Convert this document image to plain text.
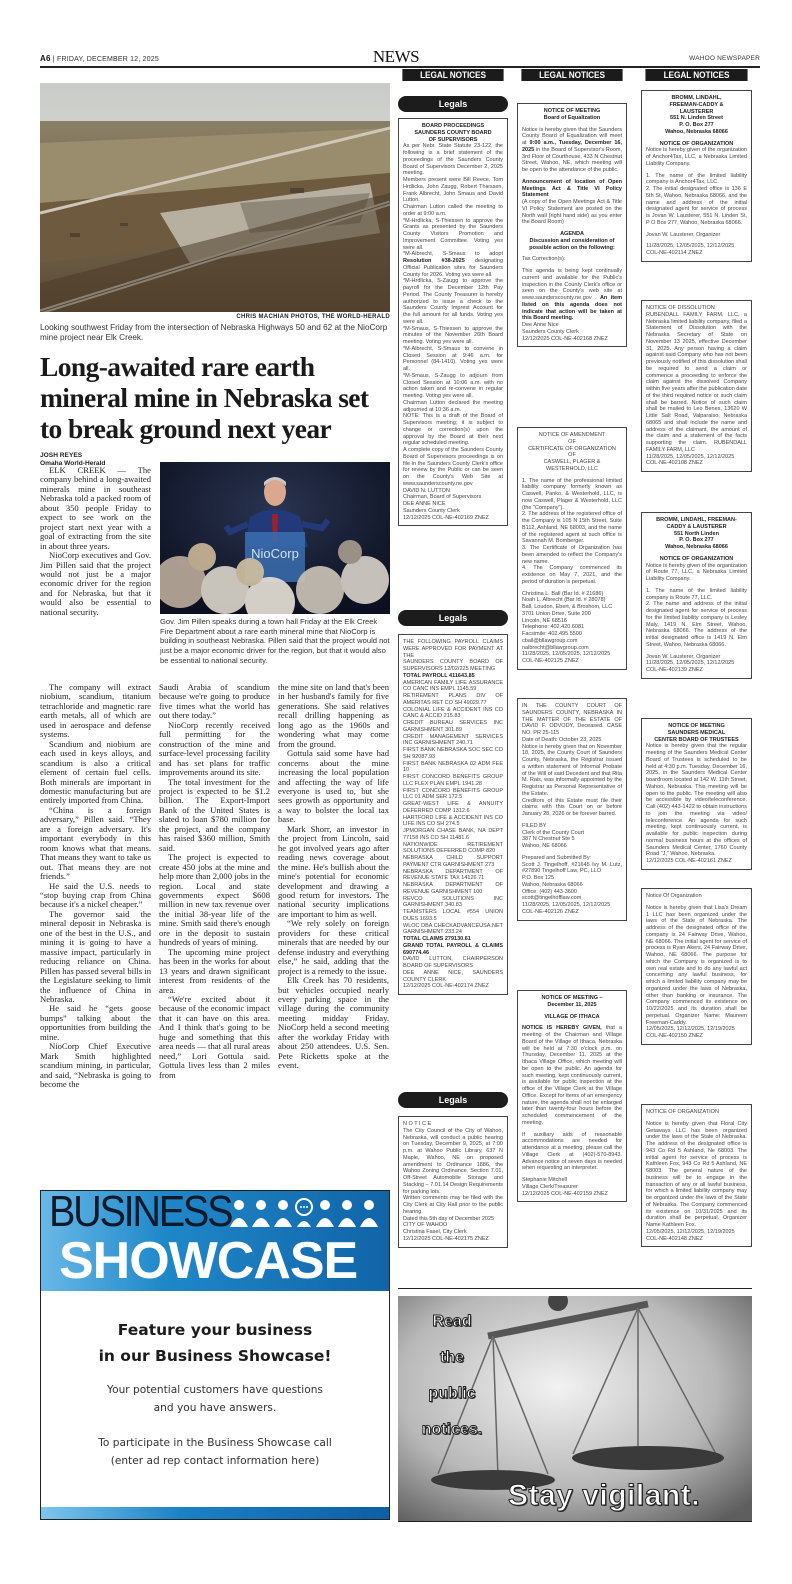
A6 | FRIDAY, DECEMBER 12, 2025	NEWS	WAHOO NEWSPAPER
LEGAL NOTICES	LEGAL NOTICES	LEGAL NOTICES
CHRIS MACHIAN PHOTOS, THE WORLD-HERALD
Looking southwest Friday from the intersection of Nebraska Highways 50 and 62 at the NioCorp mine project near Elk Creek.
Long-awaited rare earth mineral mine in Nebraska set to break ground next year
JOSH REYES
Omaha World-Herald
NioCorp
Gov. Jim Pillen speaks during a town hall Friday at the Elk Creek Fire Department about a rare earth mineral mine that NioCorp is building in southeast Nebraska. Pillen said that the project would not just be a major economic driver for the region, but that it would also be essential to national security.

ELK CREEK — The company behind a long-awaited minerals mine in southeast Nebraska told a packed room of about 350 people Friday to expect to see work on the project start next year with a goal of extracting from the site in about three years.

NioCorp executives and Gov. Jim Pillen said that the project would not just be a major economic driver for the region and for Nebraska, but that it would also be essential to national security.

The company will extract niobium, scandium, titanium tetrachloride and magnetic rare earth metals, all of which are used in aerospace and defense systems.

Scandium and niobium are each used in keys alloys, and scandium is also a critical element of certain fuel cells. Both minerals are important in domestic manufacturing but are entirely imported from China.

“China is a foreign adversary,” Pillen said. “They are a foreign adversary. It's important everybody in this room knows what that means. That means they want to take us out. That means they are not friends.”

He said the U.S. needs to “stop buying crap from China because it's a nickel cheaper.”

The governor said the mineral deposit in Nebraska is one of the best in the U.S., and mining it is going to have a massive impact, particularly in reducing reliance on China. Pillen has passed several bills in the Legislature seeking to limit the influence of China in Nebraska.

He said he “gets goose bumps” talking about the opportunities from building the mine.

NioCorp Chief Executive Mark Smith highlighted scandium mining, in particular, and said, “Nebraska is going to become the

Saudi Arabia of scandium because we're going to produce five times what the world has out there today.”

NioCorp recently received full permitting for the construction of the mine and surface-level processing facility and has set plans for traffic improvements around its site.

The total investment for the project is expected to be $1.2 billion. The Export-Import Bank of the United States is slated to loan $780 million for the project, and the company has raised $360 million, Smith said.

The project is expected to create 450 jobs at the mine and help more than 2,000 jobs in the region. Local and state governments expect $608 million in new tax revenue over the initial 38-year life of the mine. Smith said there's enough ore in the deposit to sustain hundreds of years of mining.

The upcoming mine project has been in the works for about 13 years and drawn significant interest from residents of the area.

“We're excited about it because of the economic impact that it can have on this area. And I think that's going to be huge and something that this area needs — that all rural areas need,” Lori Gottula said. Gottula lives less than 2 miles from

the mine site on land that's been in her husband's family for five generations. She said relatives recall drilling happening as long ago as the 1960s and wondering what may come from the ground.

Gottula said some have had concerns about the mine increasing the local population and affecting the way of life everyone is used to, but she sees growth as opportunity and a way to bolster the local tax base.

Mark Shorr, an investor in the project from Lincoln, said he got involved years ago after reading news coverage about the mine. He's bullish about the mine's potential for economic development and drawing a good return for investors. The national security implications are important to him as well.

“We rely solely on foreign providers for these critical minerals that are needed by our defense industry and everything else,” he said, adding that the project is a remedy to the issue.

Elk Creek has 70 residents, but vehicles occupied nearly every parking space in the village during the community meeting midday Friday. NioCorp held a second meeting after the workday Friday with about 250 attendees. U.S. Sen. Pete Ricketts spoke at the event.

BUSINESS
SHOWCASE
Feature your business
in our Business Showcase!
Your potential customers have questions
and you have answers.
To participate in the Business Showcase call
(enter ad rep contact information here)
Legals

BOARD PROCEEDINGS

SAUNDERS COUNTY BOARD

OF SUPERVISORS

As per Nebr. State Statute 23-122, the following is a brief statement of the proceedings of the Saunders County Board of Supervisors December 2, 2025 meeting.

Members present were Bill Reece, Tom Hrdlicka, John Zaugg, Robert Thiessen, Frank Albrecht, John Smaus and David Lutton.

Chairman Lutton called the meeting to order at 9:00 a.m.

*M-Hrdlicka, S-Thiessen to approve the Grants as presented by the Saunders County Visitors Promotion and Improvement Committee. Voting yes were all.

*M-Albrecht, S-Smaus to adopt Resolution #38-2025 designating Official Publication sites for Saunders County for 2026. Voting yes were all.

*M-Hrdlicka, S-Zaugg to approve the payroll for the December 12th Pay Period. The County Treasurer is hereby authorized to issue a check to the Saunders County Imprest Account for the full amount for all funds. Voting yes were all.

*M-Smaus, S-Thiessen to approve the minutes of the November 26th Board meeting. Voting yes were all.

*M-Albrecht, S-Smaus to convene in Closed Session at 9:46 a.m. for Personnel (84-1410). Voting yes were all.

*M-Smaus, S-Zaugg to adjourn from Closed Session at 10:06 a.m. with no action taken and re-convene in regular meeting. Voting yes were all.

Chairman Lutton declared the meeting adjourned at 10:36 a.m.

NOTE: This is a draft of the Board of Supervisors meeting; it is subject to change or correction(s) upon the approval by the Board at their next regular scheduled meeting.

A complete copy of the Saunders County Board of Supervisors proceedings is on file in the Saunders County Clerk's office for review by the Public or can be seen on the County's Web Site at www.saunderscounty.ne.gov

DAVID N. LUTTON

Chairman, Board of Supervisors

DEE ANNE NICE

Saunders County Clerk

12/12/2025 COL-NE-402169 ZNEZ

Legals

THE FOLLOWING PAYROLL CLAIMS WERE APPROVED FOR PAYMENT AT THE

SAUNDERS COUNTY BOARD OF SUPERVISORS 12/02/225 MEETING

TOTAL PAYROLL 411643.85

AMERICAN FAMILY LIFE ASSURANCE CO CANC INS EMPL 1145.59

RETIREMENT PLANS DIV OF AMERITAS RET CO SH 49029.77

COLONIAL LIFE & ACCIDENT INS CO CANC & ACCID 215.83

CREDIT BUREAU SERVICES INC GARNISHMENT 301.89

CREDIT MANAGEMENT SERVICES INC GARNISHMENT 240.71

FIRST BANK NEBRASKA SOC SEC CO SH 92087.93

FIRST BANK NEBRASKA 02 ADM FEE 10

FIRST CONCORD BENEFITS GROUP LLC FLEX PLAN EMPL 1941.28

FIRST CONCORD BENEFITS GROUP LLC 01 ADM SER 172.5

GREAT-WEST LIFE & ANNUITY DEFERRED COMP 1312.6

HARTFORD LIFE & ACCIDENT INS CO LIFE INS CO SH 274.5

JPMORGAN CHASE BANK, NA DEPT 77158 INS CO SH 11481.6

NATIONWIDE RETIREMENT SOLUTIONS DEFERRED COMP 820

NEBRASKA CHILD SUPPORT PAYMENT CTR GARNISHMENT 273

NEBRASKA DEPARTMENT OF REVENUE STATE TAX 14126.71

NEBRASKA DEPARTMENT OF REVENUE GARNISHMENT 100

REVCO SOLUTIONS INC GARNISHMENT 340.83

TEAMSTERS LOCAL #554 UNION DUES 1693.5

WLOC DBA CHECKADVANCEUSA.NET GARNISHMENT 233.24

TOTAL CLAIMS 279130.61

GRAND TOTAL PAYROLL & CLAIMS 690774.46

DAVID LUTTON, CHAIRPERSON BOARD OF SUPERVISORS

DEE ANNE NICE, SAUNDERS COUNTY CLERK

12/12/2025 COL-NE-402174 ZNEZ

Legals

N O T I C E

The City Council of the City of Wahoo, Nebraska, will conduct a public hearing on Tuesday, December 9, 2025, at 7:00 p.m. at Wahoo Public Library, 637 N Maple, Wahoo, NE on proposed amendment to Ordinance 1886, the Wahoo Zoning Ordinance, Section 7.01, Off-Street Automobile Storage and Stacking – 7.01.14 Design Requirements for parking lots.

Written comments may be filed with the City Clerk at City Hall prior to the public hearing.

Dated this 5th day of December 2025

CITY OF WAHOO

Christina Fasel, City Clerk

12/12/2025 COL-NE-402175 ZNEZ

NOTICE OF MEETING

Board of Equalization

Notice is hereby given that the Saunders County Board of Equalization will meet at 9:00 a.m., Tuesday, December 16, 2025 in the Board of Supervisor's Room, 3rd Floor of Courthouse, 433 N Chestnut Street, Wahoo, NE, which meeting will be open to the attendance of the public.

Announcement of location of Open Meetings Act & Title VI Policy Statement

(A copy of the Open Meetings Act & Title VI Policy Statement are posted on the North wall (right hand side) as you enter the Board Room)

AGENDA

Discussion and consideration of possible action on the following:

Tax Correction(s):

This agenda is being kept continually current and available for the Public's inspection in the County Clerk's office or seen on the County's web site at www.saunderscounty.ne.gov . An item listed on this agenda does not indicate that action will be taken at this Board meeting.

Dee Anne Nice

Saunders County Clerk

12/12/2025 COL-NE-402168 ZNEZ

NOTICE OF AMENDMENT

OF

CERTIFICATE OF ORGANIZATION

OF

CASWELL, PLAGER &

WESTERHOLD, LLC

1. The name of the professional limited liability company formerly known as Caswell, Panko, & Westerhold, LLC, is now Caswell, Plager & Westerhold, LLC (the "Company").

2. The address of the registered office of the Company is 105 N 15th Street, Suite B112, Ashland, NE 68003, and the name of the registered agent at such office is Savannah M. Bomberger.

3. The Certificate of Organization has been amended to reflect the Company's new name.

4. The Company commenced its existence on May 7, 2021, and the period of duration is perpetual.

Christina L. Ball (Bar Id. # 21686)

Noah L. Albrecht (Bar Id. # 28078)

Ball, Loudon, Ebert, & Broshom, LLC

3701 Union Drive, Suite 200

Lincoln, NE 68516

Telephone: 402.420.6081

Facsimile: 402.495.5500

cball@bllawgroup.com

nalbrecht@bllawgroup.com

11/28/2025, 12/05/2025, 12/12/2025

COL-NE-402125 ZNEZ

IN THE COUNTY COURT OF SAUNDERS COUNTY, NEBRASKA IN THE MATTER OF THE ESTATE OF DAVID F. ODVODY, Deceased. CASE NO. PR 25-115

Date of Death: October 23, 2025

Notice is hereby given that on November 18, 2025, the County Court of Saunders County, Nebraska, the Registrar issued a written statement of Informal Probate of the Will of said Decedent and that Rita M. Rais, was informally appointed by the Registrar as Personal Representative of the Estate.

Creditors of this Estate must file their claims with this Court on or before January 28, 2026 or be forever barred.

FILED BY

Clerk of the County Court

387 N Chestnut Ste 5

Wahoo, NE 68066

Prepared and Submitted By:

Scott J. Tingelhoff, #21645 Ivy M. Lutz, #27890 Tingelhoff Law, PC, LLO

P.O. Box 125

Wahoo, Nebraska 68066

Office: (402) 443-3600

scott@tingelhofflaw.com

11/28/2025, 12/05/2025, 12/12/2025

COL-NE-402126 ZNEZ

NOTICE OF MEETING –

December 11, 2025

VILLAGE OF ITHACA

NOTICE IS HEREBY GIVEN, that a meeting of the Chairman and Village Board of the Village of Ithaca, Nebraska will be held at 7:30 o'clock p.m. on Thursday, December 11, 2025 at the Ithaca Village Office, which meeting will be open to the public. An agenda for such meeting, kept continuously current, is available for public inspection at the office of the Village Clerk at the Village Office. Except for items of an emergency nature, the agenda shall not be enlarged later than twenty-four hours before the scheduled commencement of the meeting.

If auxiliary aids of reasonable accommodations are needed for attendance at a meeting, please call the Village Clerk at (402)-570-8943. Advance notice of seven days is needed when requesting an interpreter.

Stephanie Mitchell

Village Clerk/Treasurer

12/12/2025 COL-NE-402159 ZNEZ

BROMM, LINDAHL,

FREEMAN-CADDY &

LAUSTERER

551 N. Linden Street

P. O. Box 277

Wahoo, Nebraska 68066

NOTICE OF ORGANIZATION

Notice is hereby given of the organization of Anchor4Tax, LLC, a Nebraska Limited Liability Company.

1. The name of the limited liability company is Anchor4Tax, LLC.

2. The initial designated office is 136 E 5th St, Wahoo, Nebraska 68066, and the name and address of the initial designated agent for service of process is Jovan W. Lausterer, 551 N. Linden St, P O Box 277, Wahoo, Nebraska 68066.

Jovan W. Lausterer, Organizer

11/28/2025, 12/05/2025, 12/12/2025

COL-NE-402114 ZNEZ

NOTICE OF DISSOLUTION

RUBENDALL FAMILY FARM, LLC, a Nebraska limited liability company, filed a Statement of Dissolution with the Nebraska Secretary of State on November 13 2025, effective December 31, 2025. Any person having a claim against said Company who has not been previously notified of this dissolution shall be required to send a claim or commence a proceeding to enforce the claim against the dissolved Company within five years after the publication date of the third required notice or such claim shall be barred. Notice of such claim shall be mailed to Leo Benes, 13620 W Little Salt Road, Valparaiso, Nebraska 68065 and shall include the name and address of the claimant, the amount of the claim and a statement of the facts supporting the claim. RUBENDALL FAMILY FARM, LLC

11/28/2025, 12/05/2025, 12/12/2025

COL-NE-402108 ZNEZ

BROMM, LINDAHL, FREEMAN-

CADDY & LAUSTERER

551 North Linden

P. O. Box 277

Wahoo, Nebraska 68066

NOTICE OF ORGANIZATION

Notice is hereby given of the organization of Route 77, LLC, a Nebraska Limited Liability Company.

1. The name of the limited liability company is Route 77, LLC.

2. The name and address of the initial designated agent for service of process for the limited liability company is Lesley Maly, 1419 N. Elm Street, Wahoo, Nebraska 68066. The address of the initial designated office is 1419 N. Elm Street, Wahoo, Nebraska 68066.

Jovan W. Lausterer, Organizer

11/28/2025, 12/05/2025, 12/12/2025

COL-NE-402139 ZNEZ

NOTICE OF MEETING

SAUNDERS MEDICAL

CENTER BOARD OF TRUSTEES

Notice is hereby given that the regular meeting of the Saunders Medical Center Board of Trustees is scheduled to be held at 4:30 p.m. Tuesday, December 16, 2025, in the Saunders Medical Center boardroom located at 142 W. 11th Street, Wahoo, Nebraska. This meeting will be open to the public. The meeting will also be accessible by video/teleconference. Call (402) 443-1422 to obtain instructions to join the meeting via video/ teleconference. An agenda for such meeting, kept continuously current, is available for public inspection during normal business hours at the offices of Saunders Medical Center, 1760 County Road "J," Wahoo, Nebraska.

12/12/2025 COL-NE-402161 ZNEZ

Notice Of Organization

Notice is hereby given that Lisa's Dream 1 LLC has been organized under the laws of the State of Nebraska. The address of the designated office of the company is 24 Fairway Drive, Wahoo, NE 68066. The initial agent for service of process is Ryan Akers, 24 Fairway Drive, Wahoo, NE 68066. The purpose for which the Company is organized is to own real estate and to do any lawful act concerning any lawful business, for which a limited liability company may be organized under the laws of Nebraska, other than banking or insurance. The Company commenced its existence on 10/22/2025 and its duration shall be perpetual. Organizer Name: Maureen Freeman-Caddy.

12/05/2025, 12/12/2025, 12/19/2025

COL-NE-402150 ZNEZ

NOTICE OF ORGANIZATION

Notice is hereby given that Floral City Getaways LLC has been organized under the laws of the State of Nebraska. The address of the designated office is 943 Co Rd 5 Ashland, Ne 68003. The initial agent for service of process is Kathleen Fox, 943 Co Rd 5 Ashland, NE 68003. The general nature of the business will be to engage in the transaction of any or all lawful business, for which a limited liability company may be organized under the laws of the State of Nebraska. The Company commenced its existence on 10/31/2025 and its duration shall be perpetual. Organizer Name Kathleen Fox.

12/05/2025, 12/12/2025, 12/19/2025

COL-NE-402148 ZNEZ

Read
the
public
notices.
Stay vigilant.
